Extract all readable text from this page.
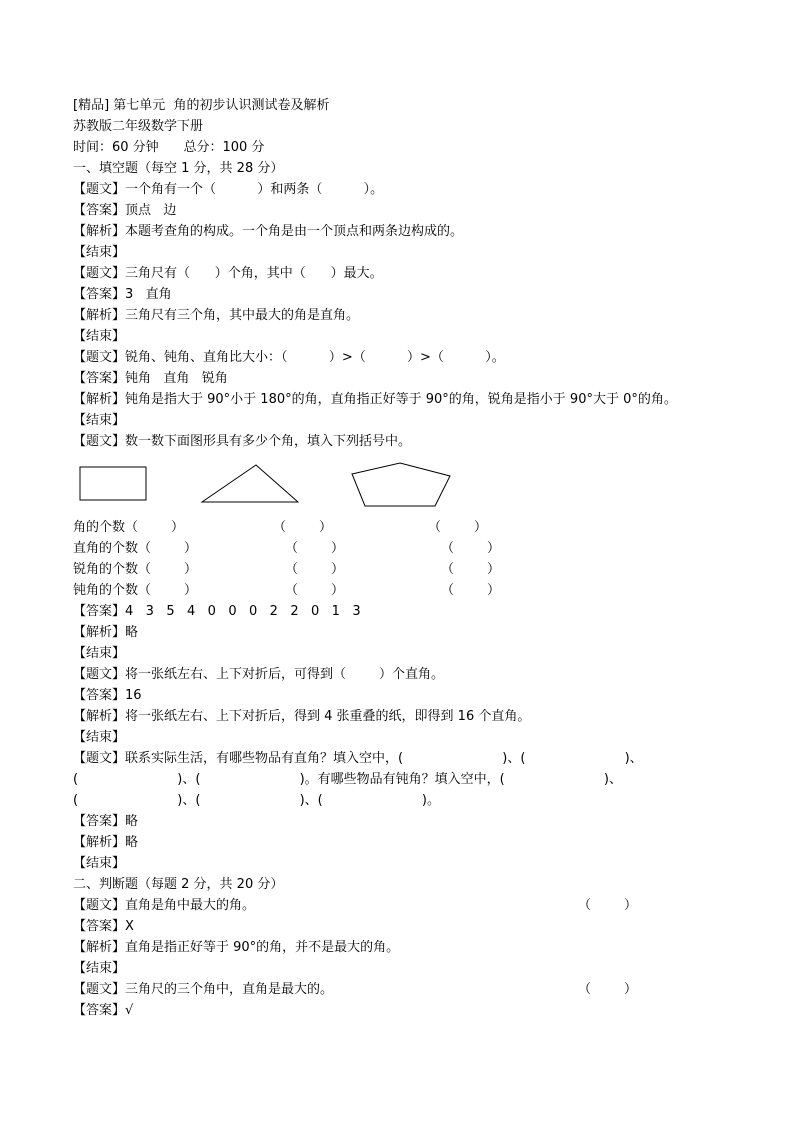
[精品] 第七单元  角的初步认识测试卷及解析
苏教版二年级数学下册
时间：60 分钟      总分：100 分
一、填空题（每空 1 分，共 28 分）
【题文】一个角有一个（          ）和两条（          ）。
【答案】顶点   边
【解析】本题考查角的构成。一个角是由一个顶点和两条边构成的。
【结束】
【题文】三角尺有（      ）个角，其中（      ）最大。
【答案】3   直角
【解析】三角尺有三个角，其中最大的角是直角。
【结束】
【题文】锐角、钝角、直角比大小：（          ）>（          ）>（          ）。
【答案】钝角   直角   锐角
【解析】钝角是指大于 90°小于 180°的角，直角指正好等于 90°的角，锐角是指小于 90°大于 0°的角。
【结束】
【题文】数一数下面图形具有多少个角，填入下列括号中。
角的个数（        ）	（        ）	（        ）
直角的个数（        ）	（        ）	（        ）
锐角的个数（        ）	（        ）	（        ）
钝角的个数（        ）	（        ）	（        ）
【答案】4   3   5   4   0   0   0   2   2   0   1   3
【解析】略
【结束】
【题文】将一张纸左右、上下对折后，可得到（        ）个直角。
【答案】16
【解析】将一张纸左右、上下对折后，得到 4 张重叠的纸，即得到 16 个直角。
【结束】
【题文】联系实际生活，有哪些物品有直角？填入空中，(                        )、(                        )、
(                        )、(                        )。有哪些物品有钝角？填入空中，(                        )、
(                        )、(                        )、(                        )。
【答案】略
【解析】略
【结束】
二、判断题（每题 2 分，共 20 分）
【题文】直角是角中最大的角。	（        ）
【答案】X
【解析】直角是指正好等于 90°的角，并不是最大的角。
【结束】
【题文】三角尺的三个角中，直角是最大的。	（        ）
【答案】√
